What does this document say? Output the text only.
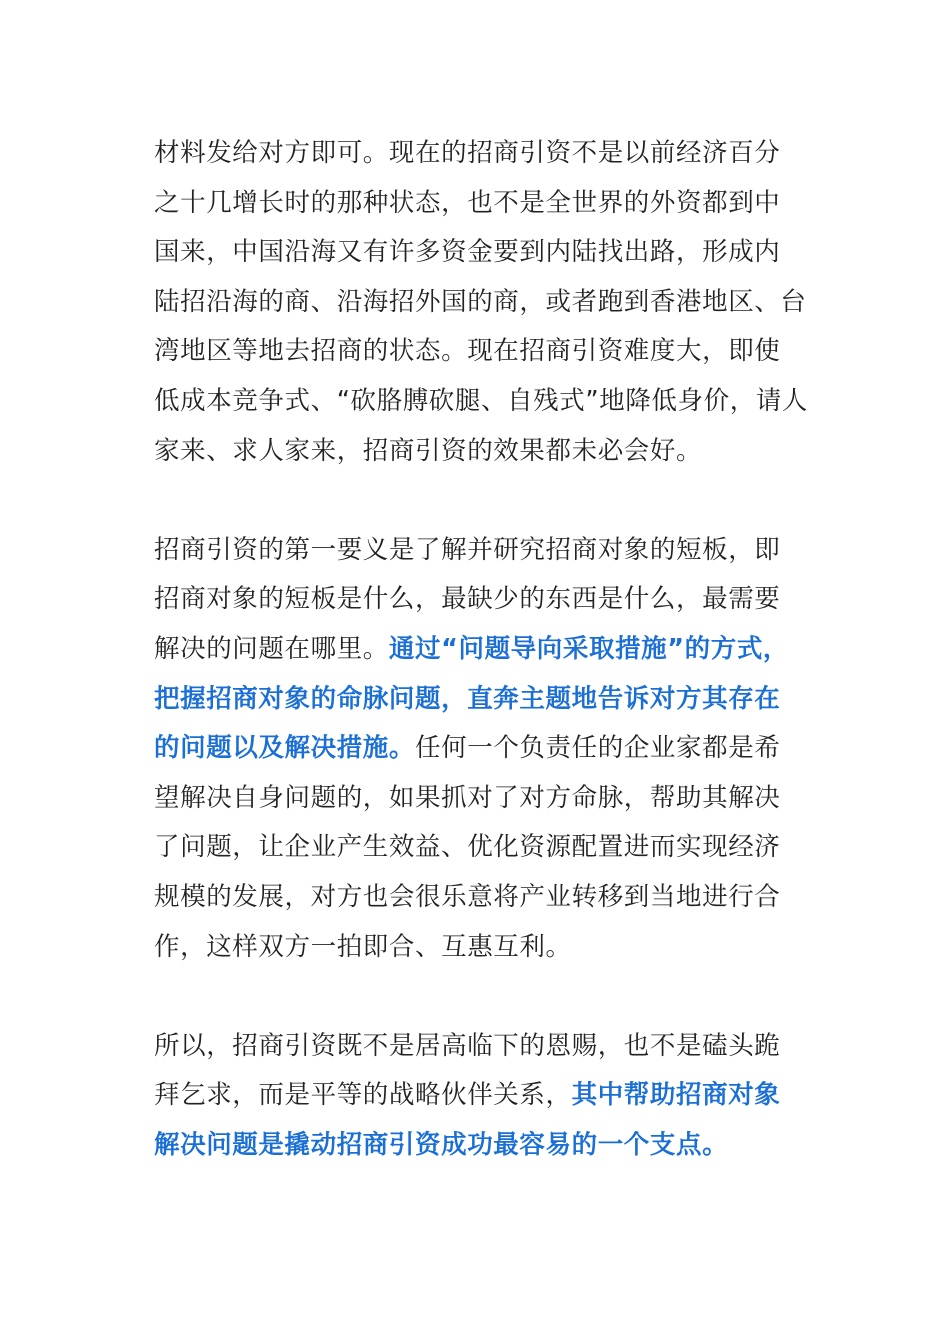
材料发给对方即可。现在的招商引资不是以前经济百分
之十几增长时的那种状态，也不是全世界的外资都到中
国来，中国沿海又有许多资金要到内陆找出路，形成内
陆招沿海的商、沿海招外国的商，或者跑到香港地区、台
湾地区等地去招商的状态。现在招商引资难度大，即使
低成本竞争式、“砍胳膊砍腿、自残式”地降低身价，请人
家来、求人家来，招商引资的效果都未必会好。

招商引资的第一要义是了解并研究招商对象的短板，即
招商对象的短板是什么，最缺少的东西是什么，最需要
解决的问题在哪里。通过“问题导向采取措施”的方式，
把握招商对象的命脉问题，直奔主题地告诉对方其存在
的问题以及解决措施。任何一个负责任的企业家都是希
望解决自身问题的，如果抓对了对方命脉，帮助其解决
了问题，让企业产生效益、优化资源配置进而实现经济
规模的发展，对方也会很乐意将产业转移到当地进行合
作，这样双方一拍即合、互惠互利。

所以，招商引资既不是居高临下的恩赐，也不是磕头跪
拜乞求，而是平等的战略伙伴关系，其中帮助招商对象
解决问题是撬动招商引资成功最容易的一个支点。
